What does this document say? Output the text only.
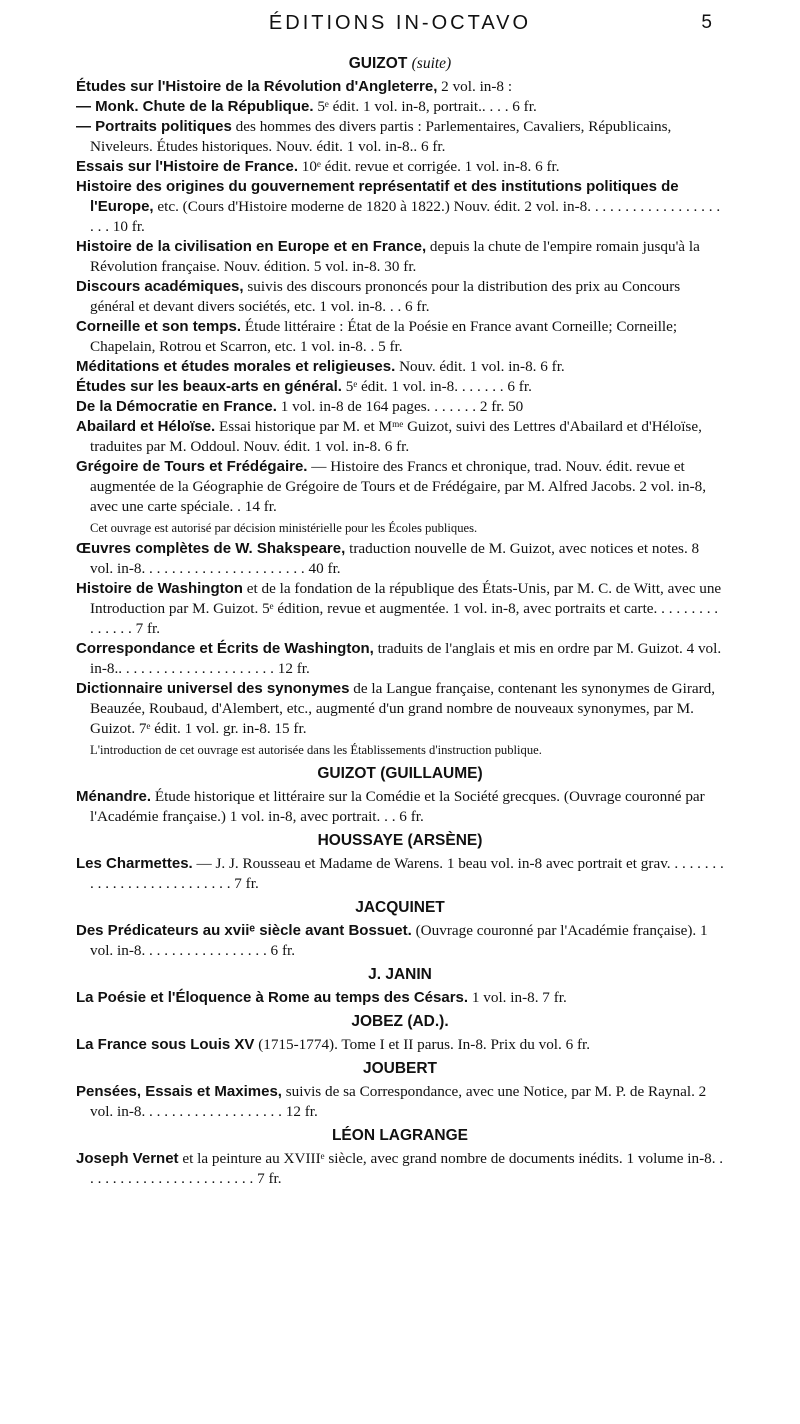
ÉDITIONS IN-OCTAVO	5
GUIZOT (suite)

Études sur l'Histoire de la Révolution d'Angleterre, 2 vol. in-8 :

— Monk. Chute de la République. 5ᵉ édit. 1 vol. in-8, portrait.. . . . 6 fr.

— Portraits politiques des hommes des divers partis : Parlementaires, Cavaliers, Républicains, Niveleurs. Études historiques. Nouv. édit. 1 vol. in-8.. 6 fr.

Essais sur l'Histoire de France. 10ᵉ édit. revue et corrigée. 1 vol. in-8. 6 fr.

Histoire des origines du gouvernement représentatif et des institutions politiques de l'Europe, etc. (Cours d'Histoire moderne de 1820 à 1822.) Nouv. édit. 2 vol. in-8. . . . . . . . . . . . . . . . . . . . . 10 fr.

Histoire de la civilisation en Europe et en France, depuis la chute de l'empire romain jusqu'à la Révolution française. Nouv. édition. 5 vol. in-8. 30 fr.

Discours académiques, suivis des discours prononcés pour la distribution des prix au Concours général et devant divers sociétés, etc. 1 vol. in-8. . . 6 fr.

Corneille et son temps. Étude littéraire : État de la Poésie en France avant Corneille; Corneille; Chapelain, Rotrou et Scarron, etc. 1 vol. in-8. . 5 fr.

Méditations et études morales et religieuses. Nouv. édit. 1 vol. in-8. 6 fr.

Études sur les beaux-arts en général. 5ᵉ édit. 1 vol. in-8. . . . . . . 6 fr.

De la Démocratie en France. 1 vol. in-8 de 164 pages. . . . . . . 2 fr. 50

Abailard et Héloïse. Essai historique par M. et Mᵐᵉ Guizot, suivi des Lettres d'Abailard et d'Héloïse, traduites par M. Oddoul. Nouv. édit. 1 vol. in-8. 6 fr.

Grégoire de Tours et Frédégaire. — Histoire des Francs et chronique, trad. Nouv. édit. revue et augmentée de la Géographie de Grégoire de Tours et de Frédégaire, par M. Alfred Jacobs. 2 vol. in-8, avec une carte spéciale. . 14 fr.

Cet ouvrage est autorisé par décision ministérielle pour les Écoles publiques.

Œuvres complètes de W. Shakspeare, traduction nouvelle de M. Guizot, avec notices et notes. 8 vol. in-8. . . . . . . . . . . . . . . . . . . . . . 40 fr.

Histoire de Washington et de la fondation de la république des États-Unis, par M. C. de Witt, avec une Introduction par M. Guizot. 5ᵉ édition, revue et augmentée. 1 vol. in-8, avec portraits et carte. . . . . . . . . . . . . . . 7 fr.

Correspondance et Écrits de Washington, traduits de l'anglais et mis en ordre par M. Guizot. 4 vol. in-8.. . . . . . . . . . . . . . . . . . . . . 12 fr.

Dictionnaire universel des synonymes de la Langue française, contenant les synonymes de Girard, Beauzée, Roubaud, d'Alembert, etc., augmenté d'un grand nombre de nouveaux synonymes, par M. Guizot. 7ᵉ édit. 1 vol. gr. in-8. 15 fr.

L'introduction de cet ouvrage est autorisée dans les Établissements d'instruction publique.
GUIZOT (GUILLAUME)

Ménandre. Étude historique et littéraire sur la Comédie et la Société grecques. (Ouvrage couronné par l'Académie française.) 1 vol. in-8, avec portrait. . . 6 fr.

HOUSSAYE (ARSÈNE)

Les Charmettes. — J. J. Rousseau et Madame de Warens. 1 beau vol. in-8 avec portrait et grav. . . . . . . . . . . . . . . . . . . . . . . . . . . 7 fr.

JACQUINET

Des Prédicateurs au xviiᵉ siècle avant Bossuet. (Ouvrage couronné par l'Académie française). 1 vol. in-8. . . . . . . . . . . . . . . . . 6 fr.

J. JANIN

La Poésie et l'Éloquence à Rome au temps des Césars. 1 vol. in-8. 7 fr.

JOBEZ (AD.).

La France sous Louis XV (1715-1774). Tome I et II parus. In-8. Prix du vol. 6 fr.

JOUBERT

Pensées, Essais et Maximes, suivis de sa Correspondance, avec une Notice, par M. P. de Raynal. 2 vol. in-8. . . . . . . . . . . . . . . . . . . 12 fr.

LÉON LAGRANGE

Joseph Vernet et la peinture au XVIIIᵉ siècle, avec grand nombre de documents inédits. 1 volume in-8. . . . . . . . . . . . . . . . . . . . . . . . 7 fr.
